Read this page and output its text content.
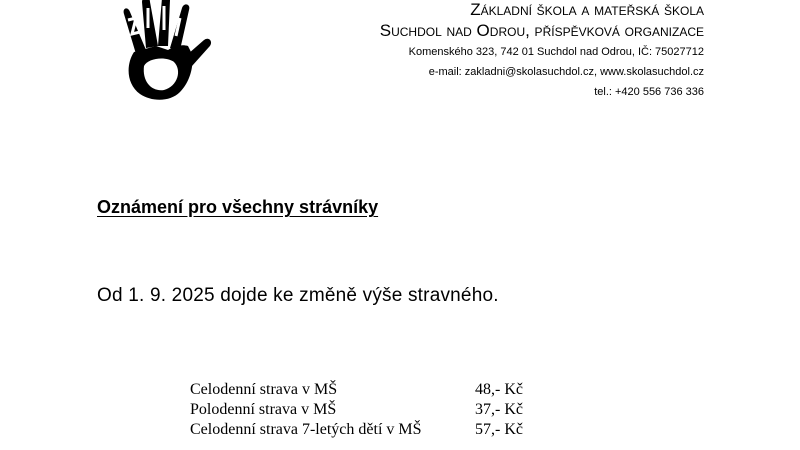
Základní škola a mateřská škola
Suchdol nad Odrou, příspěvková organizace
Komenského 323, 742 01 Suchdol nad Odrou, IČ: 75027712
e-mail: zakladni@skolasuchdol.cz, www.skolasuchdol.cz
tel.: +420 556 736 336
Oznámení pro všechny strávníky
Od 1. 9. 2025 dojde ke změně výše stravného.
Celodenní strava v MŠ	48,- Kč
Polodenní strava v MŠ	37,- Kč
Celodenní strava 7-letých dětí v MŠ	57,- Kč
